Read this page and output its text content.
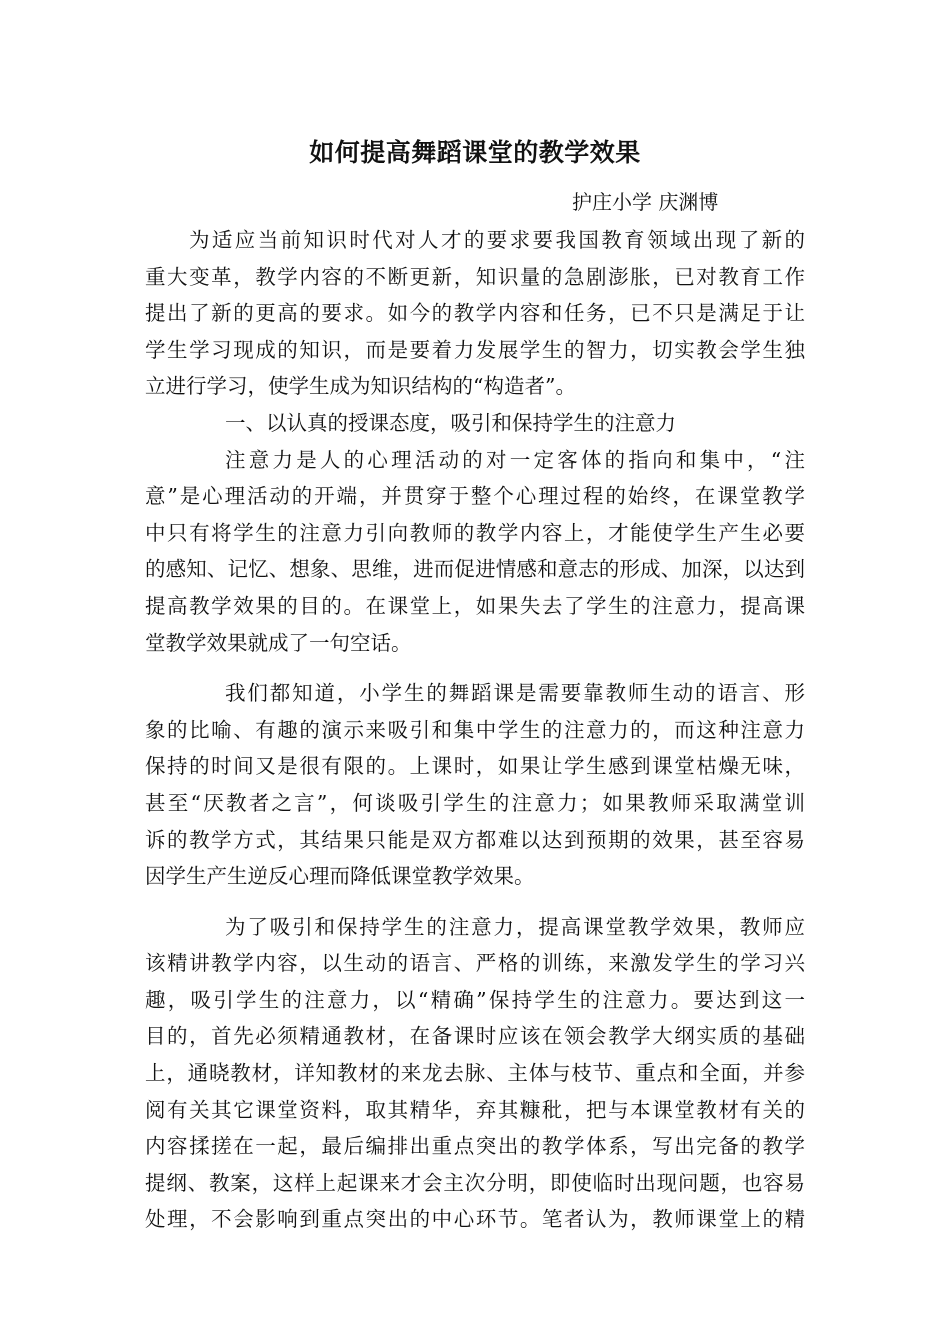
如何提高舞蹈课堂的教学效果
护庄小学 庆渊博
为适应当前知识时代对人才的要求要我国教育领域出现了新的
重大变革，教学内容的不断更新，知识量的急剧澎胀，已对教育工作
提出了新的更高的要求。如今的教学内容和任务，已不只是满足于让
学生学习现成的知识，而是要着力发展学生的智力，切实教会学生独
立进行学习，使学生成为知识结构的“构造者”。
一、以认真的授课态度，吸引和保持学生的注意力
注意力是人的心理活动的对一定客体的指向和集中，“注
意”是心理活动的开端，并贯穿于整个心理过程的始终，在课堂教学
中只有将学生的注意力引向教师的教学内容上，才能使学生产生必要
的感知、记忆、想象、思维，进而促进情感和意志的形成、加深，以达到
提高教学效果的目的。在课堂上，如果失去了学生的注意力，提高课
堂教学效果就成了一句空话。
我们都知道，小学生的舞蹈课是需要靠教师生动的语言、形
象的比喻、有趣的演示来吸引和集中学生的注意力的，而这种注意力
保持的时间又是很有限的。上课时，如果让学生感到课堂枯燥无味，
甚至“厌教者之言”，何谈吸引学生的注意力；如果教师采取满堂训
诉的教学方式，其结果只能是双方都难以达到预期的效果，甚至容易
因学生产生逆反心理而降低课堂教学效果。
为了吸引和保持学生的注意力，提高课堂教学效果，教师应
该精讲教学内容，以生动的语言、严格的训练，来激发学生的学习兴
趣，吸引学生的注意力，以“精确”保持学生的注意力。要达到这一
目的，首先必须精通教材，在备课时应该在领会教学大纲实质的基础
上，通晓教材，详知教材的来龙去脉、主体与枝节、重点和全面，并参
阅有关其它课堂资料，取其精华，弃其糠秕，把与本课堂教材有关的
内容揉搓在一起，最后编排出重点突出的教学体系，写出完备的教学
提纲、教案，这样上起课来才会主次分明，即使临时出现问题，也容易
处理，不会影响到重点突出的中心环节。笔者认为，教师课堂上的精
